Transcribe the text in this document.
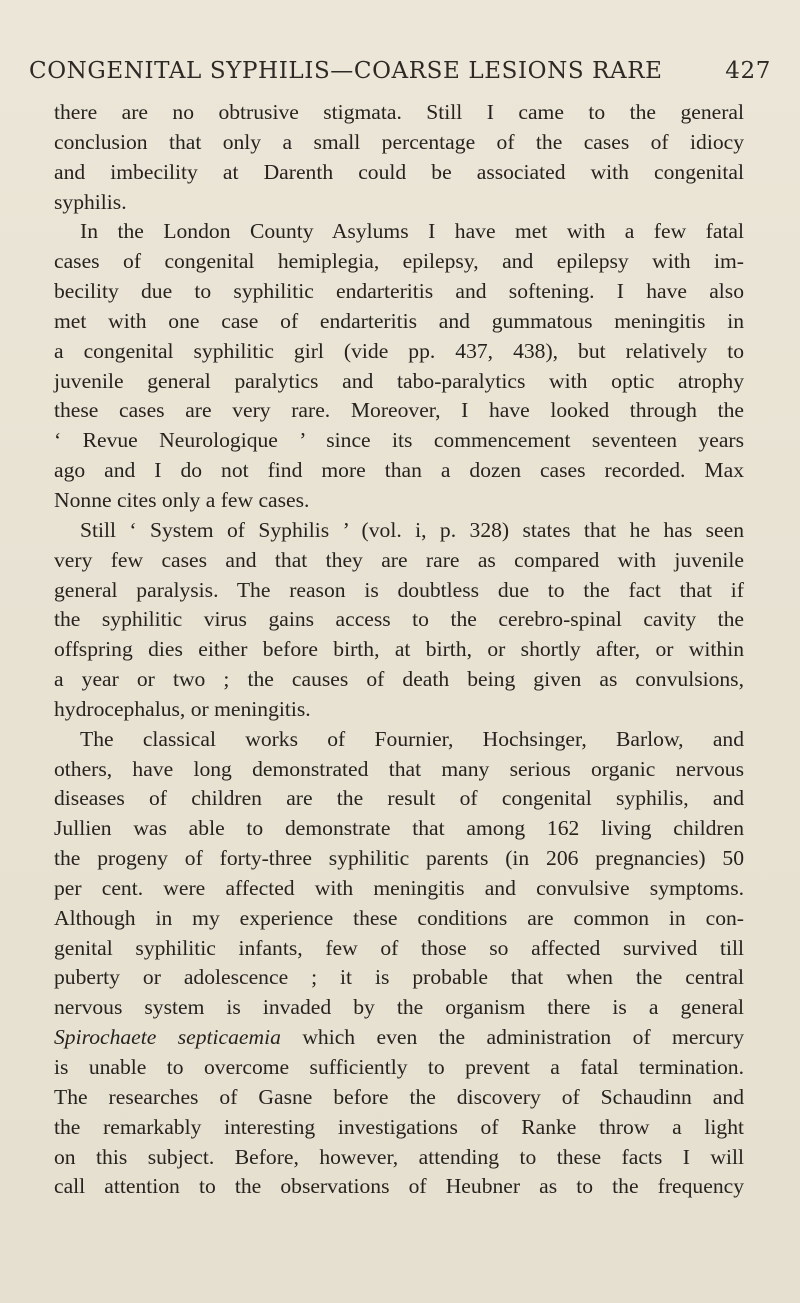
CONGENITAL SYPHILIS—COARSE LESIONS RARE	427
there are no obtrusive stigmata. Still I came to the general
conclusion that only a small percentage of the cases of idiocy
and imbecility at Darenth could be associated with congenital
syphilis.
In the London County Asylums I have met with a few fatal
cases of congenital hemiplegia, epilepsy, and epilepsy with im-
becility due to syphilitic endarteritis and softening. I have also
met with one case of endarteritis and gummatous meningitis in
a congenital syphilitic girl (vide pp. 437, 438), but relatively to
juvenile general paralytics and tabo-paralytics with optic atrophy
these cases are very rare. Moreover, I have looked through the
‘ Revue Neurologique ’ since its commencement seventeen years
ago and I do not find more than a dozen cases recorded. Max
Nonne cites only a few cases.
Still ‘ System of Syphilis ’ (vol. i, p. 328) states that he has seen
very few cases and that they are rare as compared with juvenile
general paralysis. The reason is doubtless due to the fact that if
the syphilitic virus gains access to the cerebro-spinal cavity the
offspring dies either before birth, at birth, or shortly after, or within
a year or two ; the causes of death being given as convulsions,
hydrocephalus, or meningitis.
The classical works of Fournier, Hochsinger, Barlow, and
others, have long demonstrated that many serious organic nervous
diseases of children are the result of congenital syphilis, and
Jullien was able to demonstrate that among 162 living children
the progeny of forty-three syphilitic parents (in 206 pregnancies) 50
per cent. were affected with meningitis and convulsive symptoms.
Although in my experience these conditions are common in con-
genital syphilitic infants, few of those so affected survived till
puberty or adolescence ; it is probable that when the central
nervous system is invaded by the organism there is a general
Spirochaete septicaemia which even the administration of mercury
is unable to overcome sufficiently to prevent a fatal termination.
The researches of Gasne before the discovery of Schaudinn and
the remarkably interesting investigations of Ranke throw a light
on this subject. Before, however, attending to these facts I will
call attention to the observations of Heubner as to the frequency
